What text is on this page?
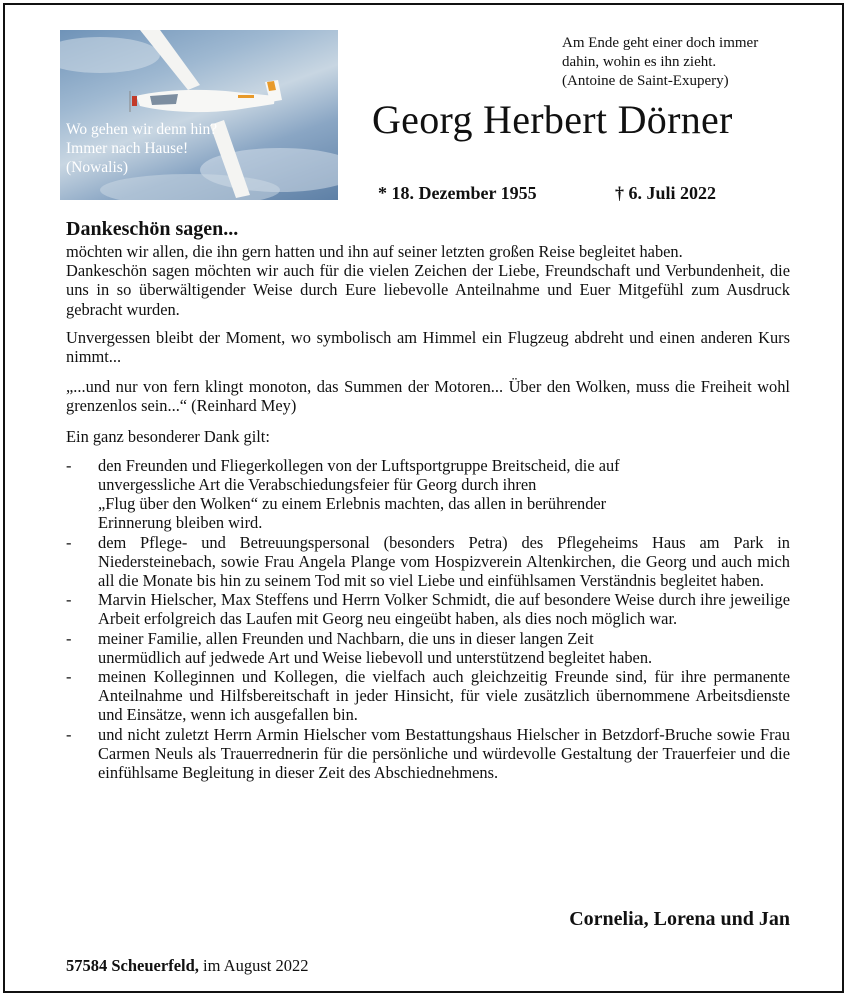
Wo gehen wir denn hin?
Immer nach Hause!
(Nowalis)
Am Ende geht einer doch immer
dahin, wohin es ihn zieht.
(Antoine de Saint-Exupery)
Georg Herbert Dörner
* 18. Dezember 1955	† 6. Juli 2022

Dankeschön sagen...

möchten wir allen, die ihn gern hatten und ihn auf seiner letzten großen Reise begleitet haben.

Dankeschön sagen möchten wir auch für die vielen Zeichen der Liebe, Freundschaft und Verbundenheit, die uns in so überwältigender Weise durch Eure liebevolle Anteilnahme und Euer Mitgefühl zum Ausdruck gebracht wurden.

Unvergessen bleibt der Moment, wo symbolisch am Himmel ein Flugzeug abdreht und einen anderen Kurs nimmt...

„...und nur von fern klingt monoton, das Summen der Motoren... Über den Wolken, muss die Freiheit wohl grenzenlos sein...“ (Reinhard Mey)

Ein ganz besonderer Dank gilt:

- den Freunden und Fliegerkollegen von der Luftsportgruppe Breitscheid, die auf
unvergessliche Art die Verabschiedungsfeier für Georg durch ihren
„Flug über den Wolken“ zu einem Erlebnis machten, das allen in berührender
Erinnerung bleiben wird.
- dem Pflege- und Betreuungspersonal (besonders Petra) des Pflegeheims Haus am Park in Niedersteinebach, sowie Frau Angela Plange vom Hospizverein Altenkirchen, die Georg und auch mich all die Monate bis hin zu seinem Tod mit so viel Liebe und einfühlsamen Verständnis begleitet haben.
- Marvin Hielscher, Max Steffens und Herrn Volker Schmidt, die auf besondere Weise durch ihre jeweilige Arbeit erfolgreich das Laufen mit Georg neu eingeübt haben, als dies noch möglich war.
- meiner Familie, allen Freunden und Nachbarn, die uns in dieser langen Zeit
unermüdlich auf jedwede Art und Weise liebevoll und unterstützend begleitet haben.
- meinen Kolleginnen und Kollegen, die vielfach auch gleichzeitig Freunde sind, für ihre permanente Anteilnahme und Hilfsbereitschaft in jeder Hinsicht, für viele zusätzlich übernommene Arbeitsdienste und Einsätze, wenn ich ausgefallen bin.
- und nicht zuletzt Herrn Armin Hielscher vom Bestattungshaus Hielscher in Betzdorf-Bruche sowie Frau Carmen Neuls als Trauerrednerin für die persönliche und würdevolle Gestaltung der Trauerfeier und die einfühlsame Begleitung in dieser Zeit des Abschiednehmens.
Cornelia, Lorena und Jan
57584 Scheuerfeld, im August 2022
